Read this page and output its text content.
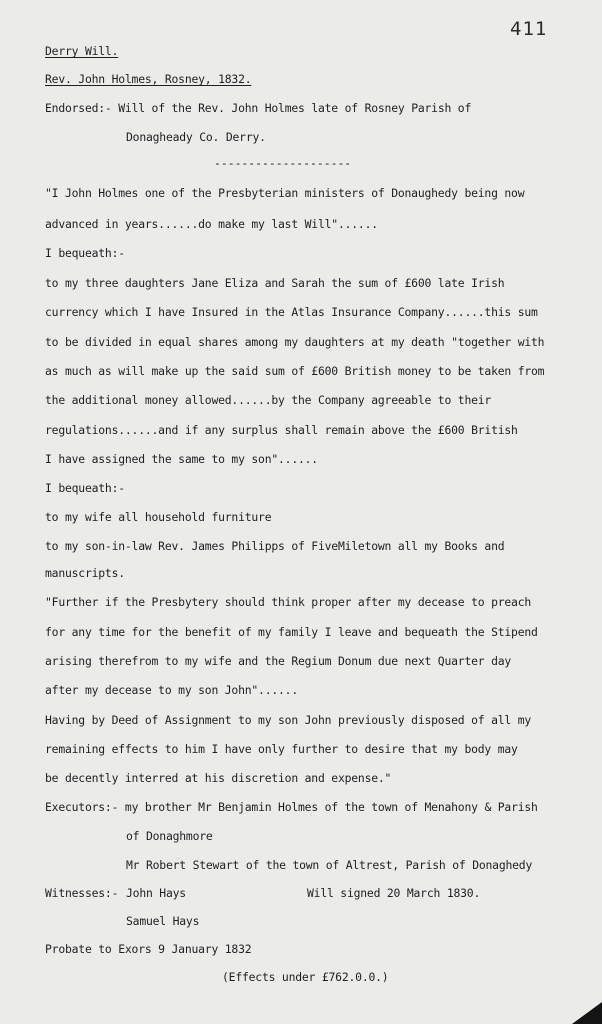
411
Derry Will.
Rev. John Holmes, Rosney, 1832.
Endorsed:- Will of the Rev. John Holmes late of Rosney Parish of
Donagheady Co. Derry.
--------------------
"I John Holmes one of the Presbyterian ministers of Donaughedy being now
advanced in years......do make my last Will"......
I bequeath:-
to my three daughters Jane Eliza and Sarah the sum of £600 late Irish
currency which I have Insured in the Atlas Insurance Company......this sum
to be divided in equal shares among my daughters at my death "together with
as much as will make up the said sum of £600 British money to be taken from
the additional money allowed......by the Company agreeable to their
regulations......and if any surplus shall remain above the £600 British
I have assigned the same to my son"......
I bequeath:-
to my wife all household furniture
to my son-in-law Rev. James Philipps of FiveMiletown all my Books and
manuscripts.
"Further if the Presbytery should think proper after my decease to preach
for any time for the benefit of my family I leave and bequeath the Stipend
arising therefrom to my wife and the Regium Donum due next Quarter day
after my decease to my son John"......
Having by Deed of Assignment to my son John previously disposed of all my
remaining effects to him I have only further to desire that my body may
be decently interred at his discretion and expense."
Executors:- my brother Mr Benjamin Holmes of the town of Menahony & Parish
of Donaghmore
Mr Robert Stewart of the town of Altrest, Parish of Donaghedy
Witnesses:- John Hays	Will signed 20 March 1830.
Samuel Hays
Probate to Exors 9 January 1832
(Effects under £762.0.0.)
